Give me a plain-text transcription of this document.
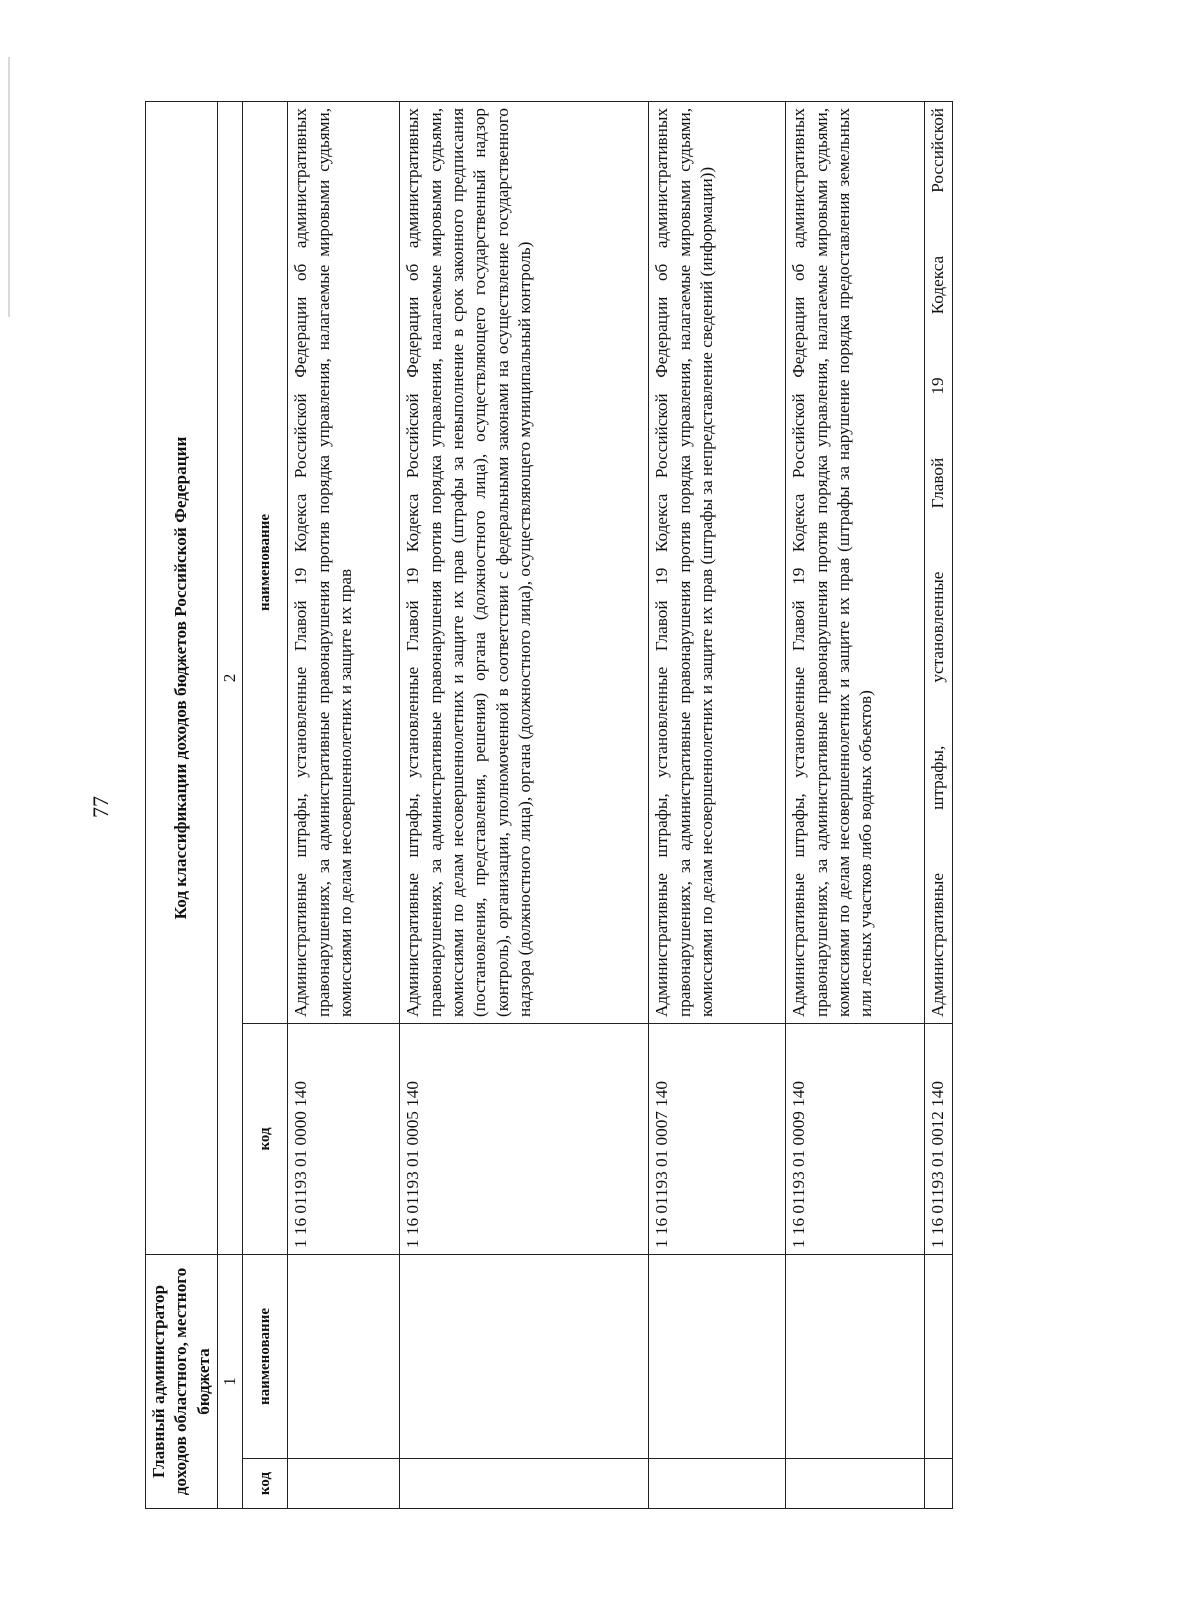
77
Главный администратор доходов областного, местного бюджета		Код классификации доходов бюджетов Российской Федерации	
1		2	
код	наименование	код	наименование
		1 16 01193 01 0000 140	Административные штрафы, установленные Главой 19 Кодекса Российской Федерации об административных правонарушениях, за административные правонарушения против порядка управления, налагаемые мировыми судьями, комиссиями по делам несовершеннолетних и защите их прав
		1 16 01193 01 0005 140	Административные штрафы, установленные Главой 19 Кодекса Российской Федерации об административных правонарушениях, за административные правонарушения против порядка управления, налагаемые мировыми судьями, комиссиями по делам несовершеннолетних и защите их прав (штрафы за невыполнение в срок законного предписания (постановления, представления, решения) органа (должностного лица), осуществляющего государственный надзор (контроль), организации, уполномоченной в соответствии с федеральными законами на осуществление государственного надзора (должностного лица), органа (должностного лица), осуществляющего муниципальный контроль)
		1 16 01193 01 0007 140	Административные штрафы, установленные Главой 19 Кодекса Российской Федерации об административных правонарушениях, за административные правонарушения против порядка управления, налагаемые мировыми судьями, комиссиями по делам несовершеннолетних и защите их прав (штрафы за непредставление сведений (информации))
		1 16 01193 01 0009 140	Административные штрафы, установленные Главой 19 Кодекса Российской Федерации об административных правонарушениях, за административные правонарушения против порядка управления, налагаемые мировыми судьями, комиссиями по делам несовершеннолетних и защите их прав (штрафы за нарушение порядка предоставления земельных или лесных участков либо водных объектов)
		1 16 01193 01 0012 140	Административные штрафы, установленные Главой 19 Кодекса Российской
